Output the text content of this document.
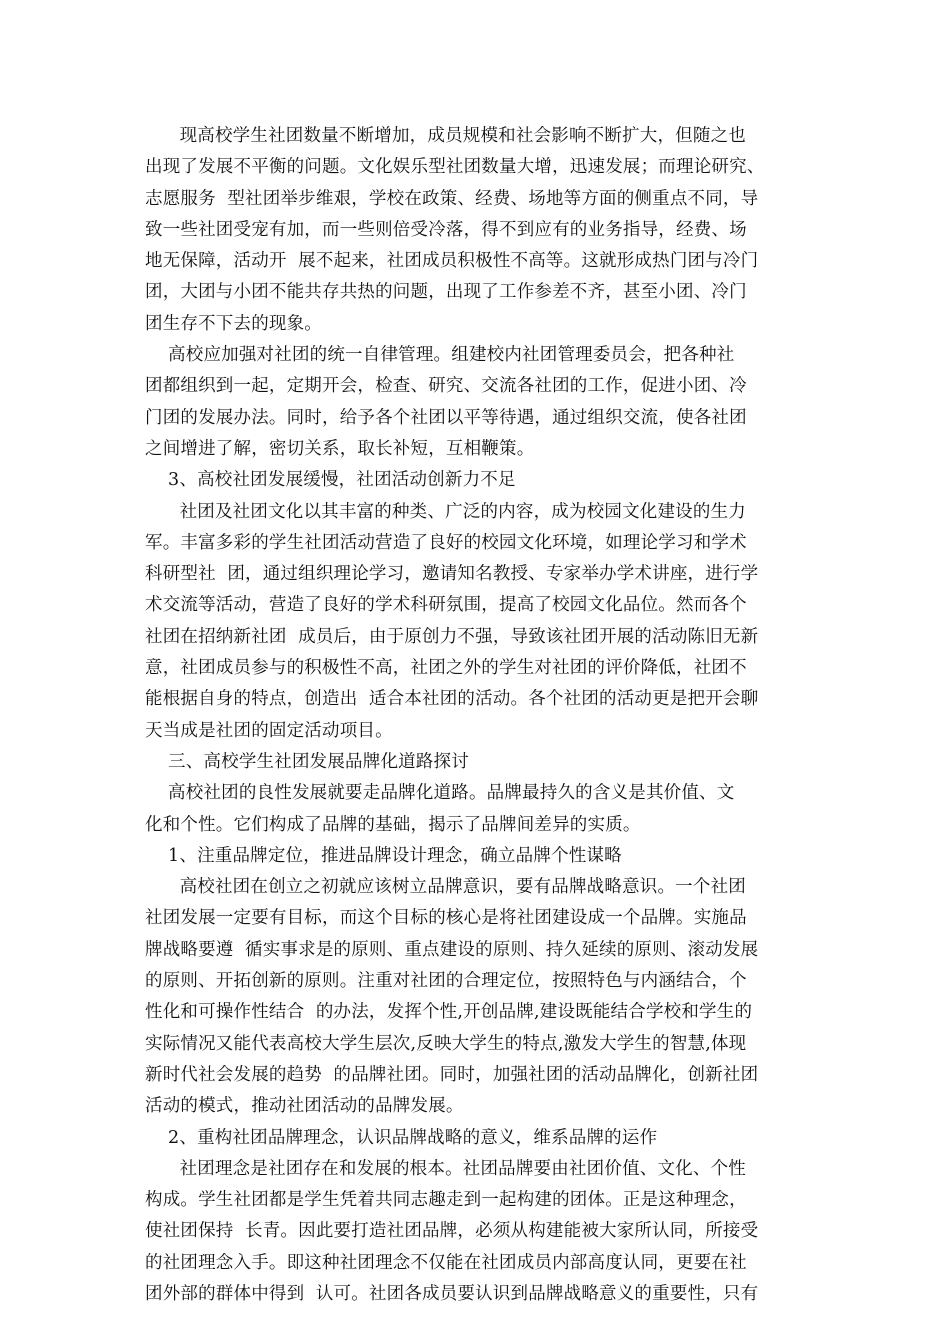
现高校学生社团数量不断增加，成员规模和社会影响不断扩大，但随之也
出现了发展不平衡的问题。文化娱乐型社团数量大增，迅速发展；而理论研究、
志愿服务  型社团举步维艰，学校在政策、经费、场地等方面的侧重点不同，导
致一些社团受宠有加，而一些则倍受冷落，得不到应有的业务指导，经费、场
地无保障，活动开  展不起来，社团成员积极性不高等。这就形成热门团与冷门
团，大团与小团不能共存共热的问题，出现了工作参差不齐，甚至小团、冷门
团生存不下去的现象。
高校应加强对社团的统一自律管理。组建校内社团管理委员会，把各种社
团都组织到一起，定期开会，检查、研究、交流各社团的工作，促进小团、冷
门团的发展办法。同时，给予各个社团以平等待遇，通过组织交流，使各社团
之间增进了解，密切关系，取长补短，互相鞭策。
3、高校社团发展缓慢，社团活动创新力不足
社团及社团文化以其丰富的种类、广泛的内容，成为校园文化建设的生力
军。丰富多彩的学生社团活动营造了良好的校园文化环境，如理论学习和学术
科研型社  团，通过组织理论学习，邀请知名教授、专家举办学术讲座，进行学
术交流等活动，营造了良好的学术科研氛围，提高了校园文化品位。然而各个
社团在招纳新社团  成员后，由于原创力不强，导致该社团开展的活动陈旧无新
意，社团成员参与的积极性不高，社团之外的学生对社团的评价降低，社团不
能根据自身的特点，创造出  适合本社团的活动。各个社团的活动更是把开会聊
天当成是社团的固定活动项目。
三、高校学生社团发展品牌化道路探讨
高校社团的良性发展就要走品牌化道路。品牌最持久的含义是其价值、文
化和个性。它们构成了品牌的基础，揭示了品牌间差异的实质。
1、注重品牌定位，推进品牌设计理念，确立品牌个性谋略
高校社团在创立之初就应该树立品牌意识，要有品牌战略意识。一个社团
社团发展一定要有目标，而这个目标的核心是将社团建设成一个品牌。实施品
牌战略要遵  循实事求是的原则、重点建设的原则、持久延续的原则、滚动发展
的原则、开拓创新的原则。注重对社团的合理定位，按照特色与内涵结合，个
性化和可操作性结合  的办法，发挥个性,开创品牌,建设既能结合学校和学生的
实际情况又能代表高校大学生层次,反映大学生的特点,激发大学生的智慧,体现
新时代社会发展的趋势  的品牌社团。同时，加强社团的活动品牌化，创新社团
活动的模式，推动社团活动的品牌发展。
2、重构社团品牌理念，认识品牌战略的意义，维系品牌的运作
社团理念是社团存在和发展的根本。社团品牌要由社团价值、文化、个性
构成。学生社团都是学生凭着共同志趣走到一起构建的团体。正是这种理念，
使社团保持  长青。因此要打造社团品牌，必须从构建能被大家所认同，所接受
的社团理念入手。即这种社团理念不仅能在社团成员内部高度认同，更要在社
团外部的群体中得到  认可。社团各成员要认识到品牌战略意义的重要性，只有
